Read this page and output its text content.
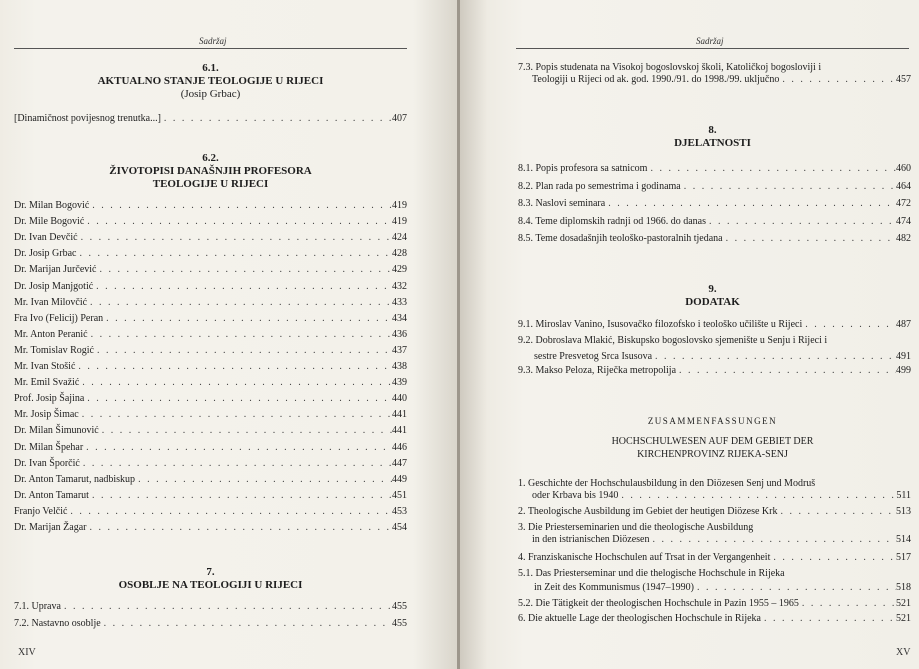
Sadržaj
6.1.
AKTUALNO STANJE TEOLOGIJE U RIJECI
(Josip Grbac)
[Dinamičnost povijesnog trenutka...] . . .	407
6.2.
ŽIVOTOPISI DANAŠNJIH PROFESORA
TEOLOGIJE U RIJECI
Dr. Milan Bogović . . .	419
Dr. Mile Bogović . . .	419
Dr. Ivan Devčić . . .	424
Dr. Josip Grbac . . .	428
Dr. Marijan Jurčević . . .	429
Dr. Josip Manjgotić . . .	432
Mr. Ivan Milovčić . . .	433
Fra Ivo (Felicij) Peran . . .	434
Mr. Anton Peranić . . .	436
Mr. Tomislav Rogić . . .	437
Mr. Ivan Stošić . . .	438
Mr. Emil Svažić . . .	439
Prof. Josip Šajina . . .	440
Mr. Josip Šimac . . .	441
Dr. Milan Šimunović . . .	441
Dr. Milan Špehar . . .	446
Dr. Ivan Šporčić . . .	447
Dr. Anton Tamarut, nadbiskup . . .	449
Dr. Anton Tamarut . . .	451
Franjo Velčić . . .	453
Dr. Marijan Žagar . . .	454
7.
OSOBLJE NA TEOLOGIJI U RIJECI
7.1. Uprava . . .	455
7.2. Nastavno osoblje . . .	455
XIV
Sadržaj
7.3. Popis studenata na Visokoj bogoslovskoj školi, Katoličkoj bogosloviji i
Teologiji u Rijeci od ak. god. 1990./91. do 1998./99. uključno . . .	457
8.
DJELATNOSTI
8.1. Popis profesora sa satnicom . . .	460
8.2. Plan rada po semestrima i godinama . . .	464
8.3. Naslovi seminara . . .	472
8.4. Teme diplomskih radnji od 1966. do danas . . .	474
8.5. Teme dosadašnjih teološko-pastoralnih tjedana . . .	482
9.
DODATAK
9.1. Miroslav Vanino, Isusovačko filozofsko i teološko učilište u Rijeci . . .	487
9.2. Dobroslava Mlakić, Biskupsko bogoslovsko sjemenište u Senju i Rijeci i
sestre Presvetog Srca Isusova . . .	491
9.3. Makso Peloza, Riječka metropolija . . .	499
ZUSAMMENFASSUNGEN
HOCHSCHULWESEN AUF DEM GEBIET DER
KIRCHENPROVINZ RIJEKA-SENJ
1. Geschichte der Hochschulausbildung in den Diözesen Senj und Modruš
oder Krbava bis 1940 . . .	511
2. Theologische Ausbildung im Gebiet der heutigen Diözese Krk . . .	513
3. Die Priesterseminarien und die theologische Ausbildung
in den istrianischen Diözesen . . .	514
4. Franziskanische Hochschulen auf Trsat in der Vergangenheit . . .	517
5.1. Das Priesterseminar und die thelogische Hochschule in Rijeka
in Zeit des Kommunismus (1947–1990) . . .	518
5.2. Die Tätigkeit der theologischen Hochschule in Pazin 1955 – 1965 . . .	521
6. Die aktuelle Lage der theologischen Hochschule in Rijeka . . .	521
XV
